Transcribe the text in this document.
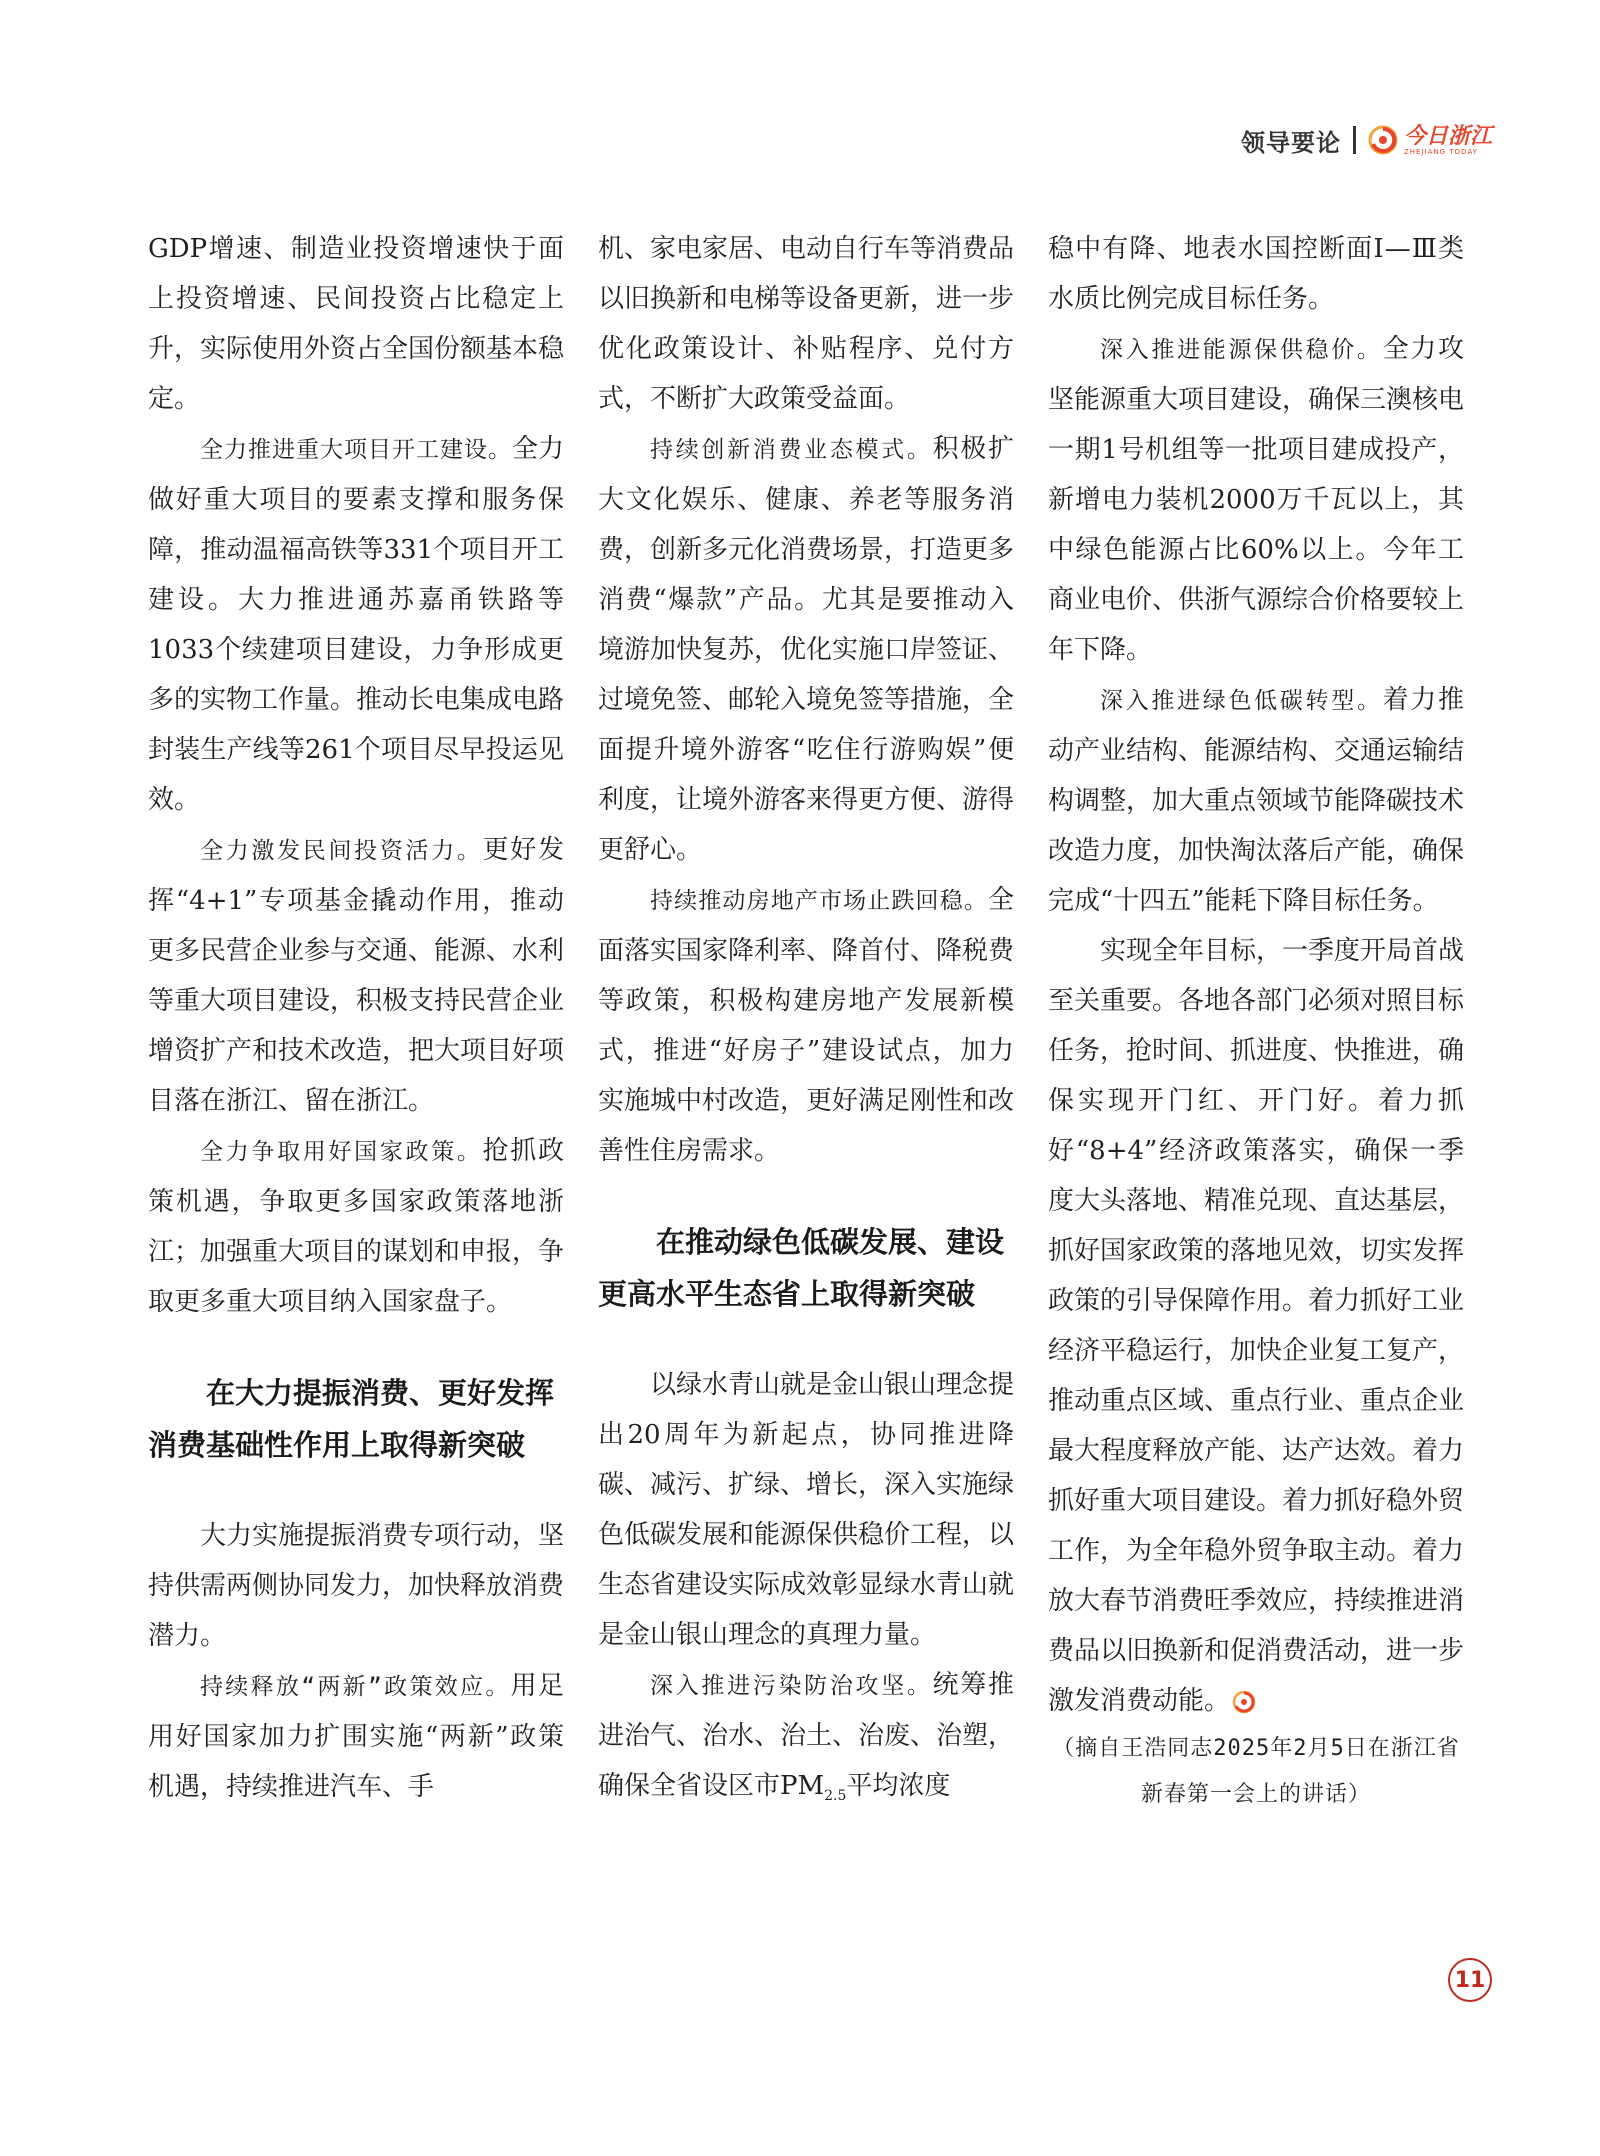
领导要论	今日浙江
ZHEJIANG TODAY

GDP增速、制造业投资增速快于面上投资增速、民间投资占比稳定上升，实际使用外资占全国份额基本稳定。

全力推进重大项目开工建设。全力做好重大项目的要素支撑和服务保障，推动温福高铁等331个项目开工建设。大力推进通苏嘉甬铁路等1033个续建项目建设，力争形成更多的实物工作量。推动长电集成电路封装生产线等261个项目尽早投运见效。

全力激发民间投资活力。更好发挥“4+1”专项基金撬动作用，推动更多民营企业参与交通、能源、水利等重大项目建设，积极支持民营企业增资扩产和技术改造，把大项目好项目落在浙江、留在浙江。

全力争取用好国家政策。抢抓政策机遇，争取更多国家政策落地浙江；加强重大项目的谋划和申报，争取更多重大项目纳入国家盘子。

在大力提振消费、更好发挥
消费基础性作用上取得新突破

大力实施提振消费专项行动，坚持供需两侧协同发力，加快释放消费潜力。

持续释放“两新”政策效应。用足用好国家加力扩围实施“两新”政策机遇，持续推进汽车、手

机、家电家居、电动自行车等消费品以旧换新和电梯等设备更新，进一步优化政策设计、补贴程序、兑付方式，不断扩大政策受益面。

持续创新消费业态模式。积极扩大文化娱乐、健康、养老等服务消费，创新多元化消费场景，打造更多消费“爆款”产品。尤其是要推动入境游加快复苏，优化实施口岸签证、过境免签、邮轮入境免签等措施，全面提升境外游客“吃住行游购娱”便利度，让境外游客来得更方便、游得更舒心。

持续推动房地产市场止跌回稳。全面落实国家降利率、降首付、降税费等政策，积极构建房地产发展新模式，推进“好房子”建设试点，加力实施城中村改造，更好满足刚性和改善性住房需求。

在推动绿色低碳发展、建设
更高水平生态省上取得新突破

以绿水青山就是金山银山理念提出20周年为新起点，协同推进降碳、减污、扩绿、增长，深入实施绿色低碳发展和能源保供稳价工程，以生态省建设实际成效彰显绿水青山就是金山银山理念的真理力量。

深入推进污染防治攻坚。统筹推进治气、治水、治土、治废、治塑，确保全省设区市$PM_{2.5}$平均浓度

稳中有降、地表水国控断面Ⅰ—Ⅲ类水质比例完成目标任务。

深入推进能源保供稳价。全力攻坚能源重大项目建设，确保三澳核电一期1号机组等一批项目建成投产，新增电力装机2000万千瓦以上，其中绿色能源占比60%以上。今年工商业电价、供浙气源综合价格要较上年下降。

深入推进绿色低碳转型。着力推动产业结构、能源结构、交通运输结构调整，加大重点领域节能降碳技术改造力度，加快淘汰落后产能，确保完成“十四五”能耗下降目标任务。

实现全年目标，一季度开局首战至关重要。各地各部门必须对照目标任务，抢时间、抓进度、快推进，确保实现开门红、开门好。着力抓好“8+4”经济政策落实，确保一季度大头落地、精准兑现、直达基层，抓好国家政策的落地见效，切实发挥政策的引导保障作用。着力抓好工业经济平稳运行，加快企业复工复产，推动重点区域、重点行业、重点企业最大程度释放产能、达产达效。着力抓好重大项目建设。着力抓好稳外贸工作，为全年稳外贸争取主动。着力放大春节消费旺季效应，持续推进消费品以旧换新和促消费活动，进一步激发消费动能。

（摘自王浩同志2025年2月5日在浙江省新春第一会上的讲话）

11
